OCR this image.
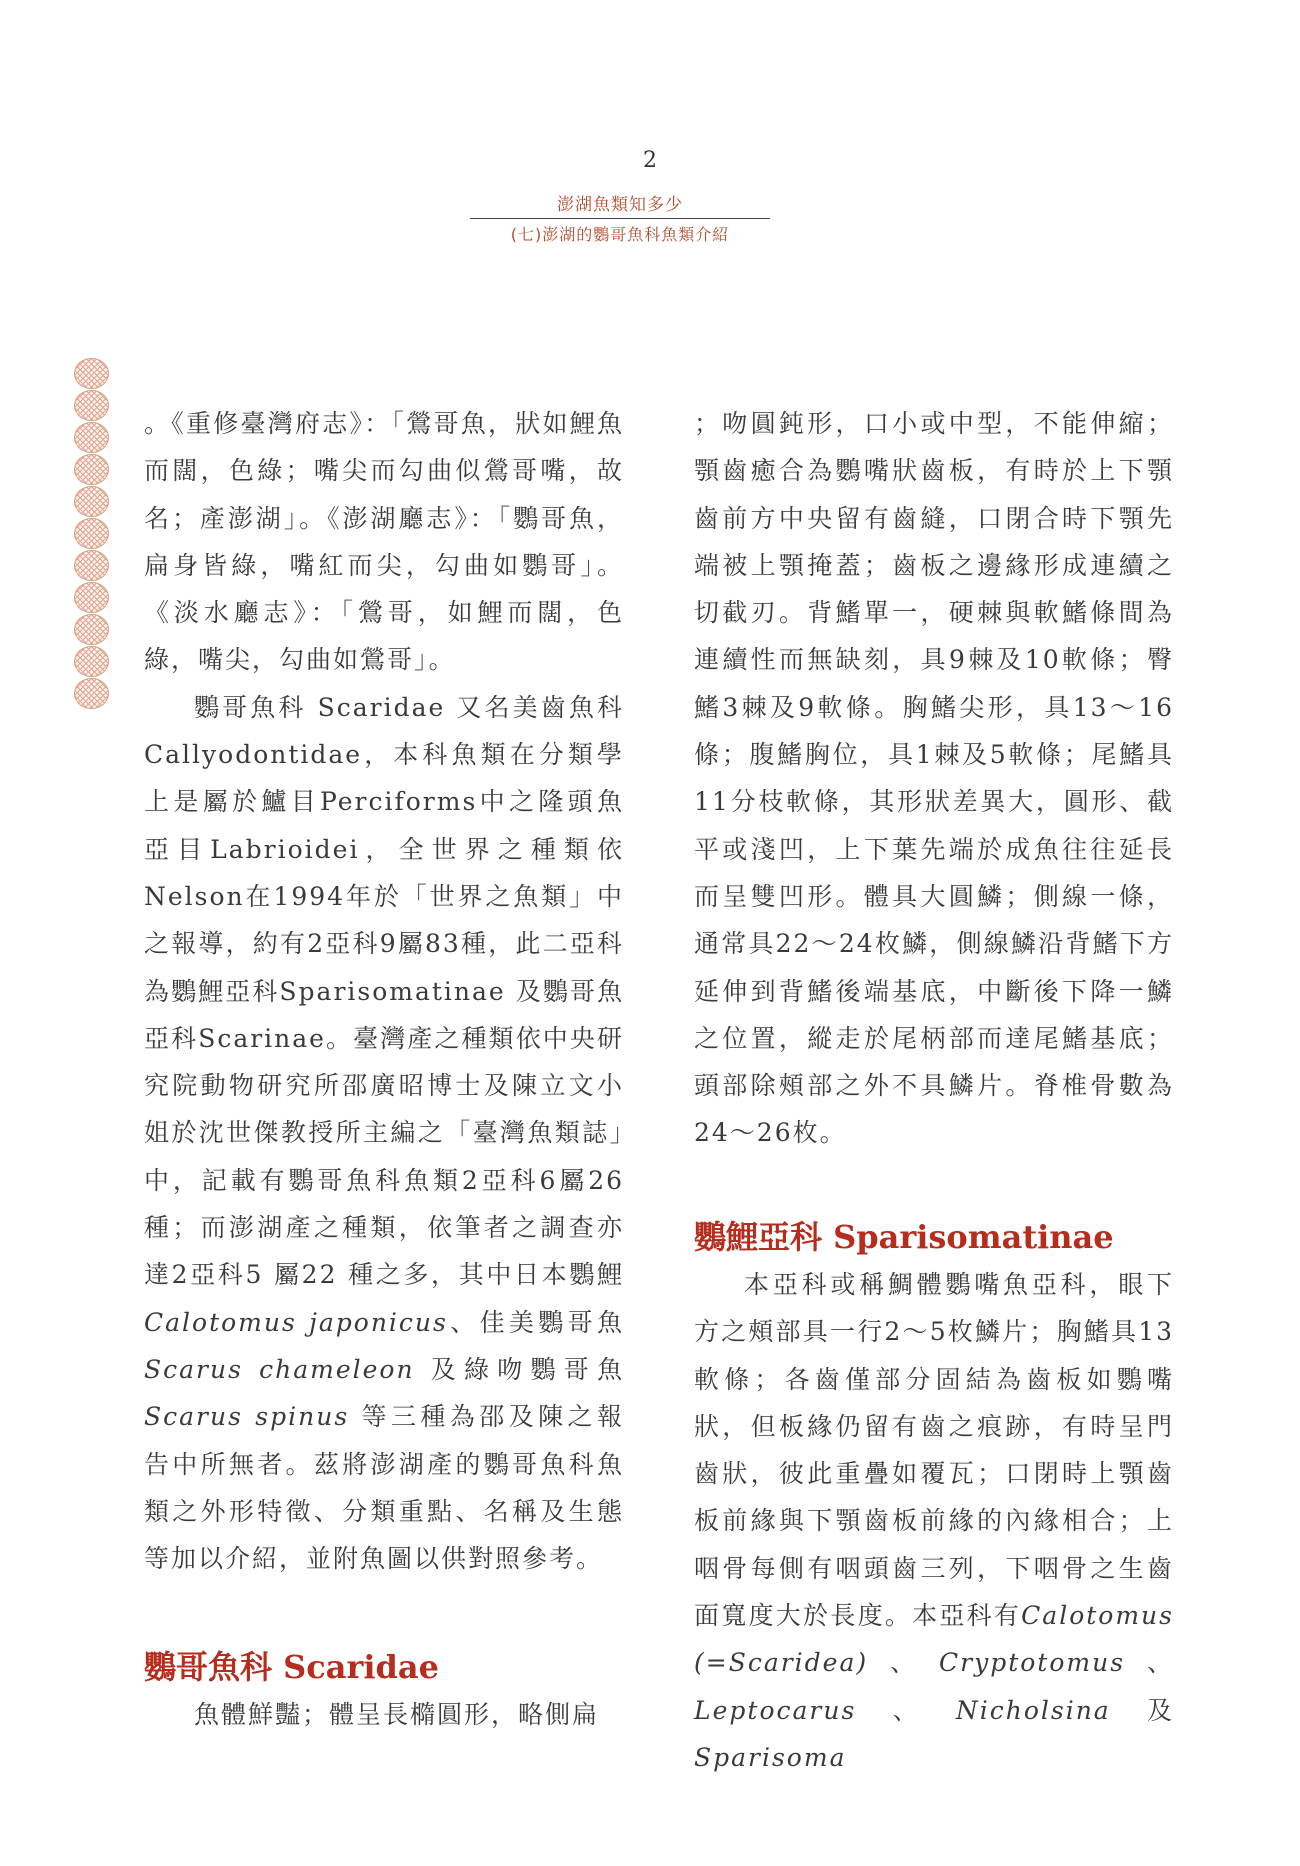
2
澎湖魚類知多少
(七)澎湖的鸚哥魚科魚類介紹

。《重修臺灣府志》：「鶯哥魚，狀如鯉魚而闊，色綠；嘴尖而勾曲似鶯哥嘴，故名；產澎湖」。《澎湖廳志》：「鸚哥魚，扁身皆綠，嘴紅而尖，勾曲如鸚哥」。《淡水廳志》：「鶯哥，如鯉而闊，色綠，嘴尖，勾曲如鶯哥」。

鸚哥魚科 Scaridae 又名美齒魚科 Callyodontidae，本科魚類在分類學上是屬於鱸目Perciforms中之隆頭魚亞目Labrioidei，全世界之種類依Nelson在1994年於「世界之魚類」中之報導，約有2亞科9屬83種，此二亞科為鸚鯉亞科Sparisomatinae 及鸚哥魚亞科Scarinae。臺灣產之種類依中央研究院動物研究所邵廣昭博士及陳立文小姐於沈世傑教授所主編之「臺灣魚類誌」中，記載有鸚哥魚科魚類2亞科6屬26種；而澎湖產之種類，依筆者之調查亦達2亞科5 屬22 種之多，其中日本鸚鯉Calotomus japonicus、佳美鸚哥魚Scarus chameleon 及綠吻鸚哥魚Scarus spinus 等三種為邵及陳之報告中所無者。茲將澎湖產的鸚哥魚科魚類之外形特徵、分類重點、名稱及生態等加以介紹，並附魚圖以供對照參考。

鸚哥魚科 Scaridae

魚體鮮豔；體呈長橢圓形，略側扁

；吻圓鈍形，口小或中型，不能伸縮；顎齒癒合為鸚嘴狀齒板，有時於上下顎齒前方中央留有齒縫，口閉合時下顎先端被上顎掩蓋；齒板之邊緣形成連續之切截刃。背鰭單一，硬棘與軟鰭條間為連續性而無缺刻，具9棘及10軟條；臀鰭3棘及9軟條。胸鰭尖形，具13～16條；腹鰭胸位，具1棘及5軟條；尾鰭具11分枝軟條，其形狀差異大，圓形、截平或淺凹，上下葉先端於成魚往往延長而呈雙凹形。體具大圓鱗；側線一條，通常具22～24枚鱗，側線鱗沿背鰭下方延伸到背鰭後端基底，中斷後下降一鱗之位置，縱走於尾柄部而達尾鰭基底；頭部除頰部之外不具鱗片。脊椎骨數為24～26枚。

鸚鯉亞科 Sparisomatinae

本亞科或稱鯛體鸚嘴魚亞科，眼下方之頰部具一行2～5枚鱗片；胸鰭具13軟條；各齒僅部分固結為齒板如鸚嘴狀，但板緣仍留有齒之痕跡，有時呈門齒狀，彼此重疊如覆瓦；口閉時上顎齒板前緣與下顎齒板前緣的內緣相合；上咽骨每側有咽頭齒三列，下咽骨之生齒面寬度大於長度。本亞科有Calotomus (=Scaridea)、Cryptotomus、Leptocarus、Nicholsina及Sparisoma
